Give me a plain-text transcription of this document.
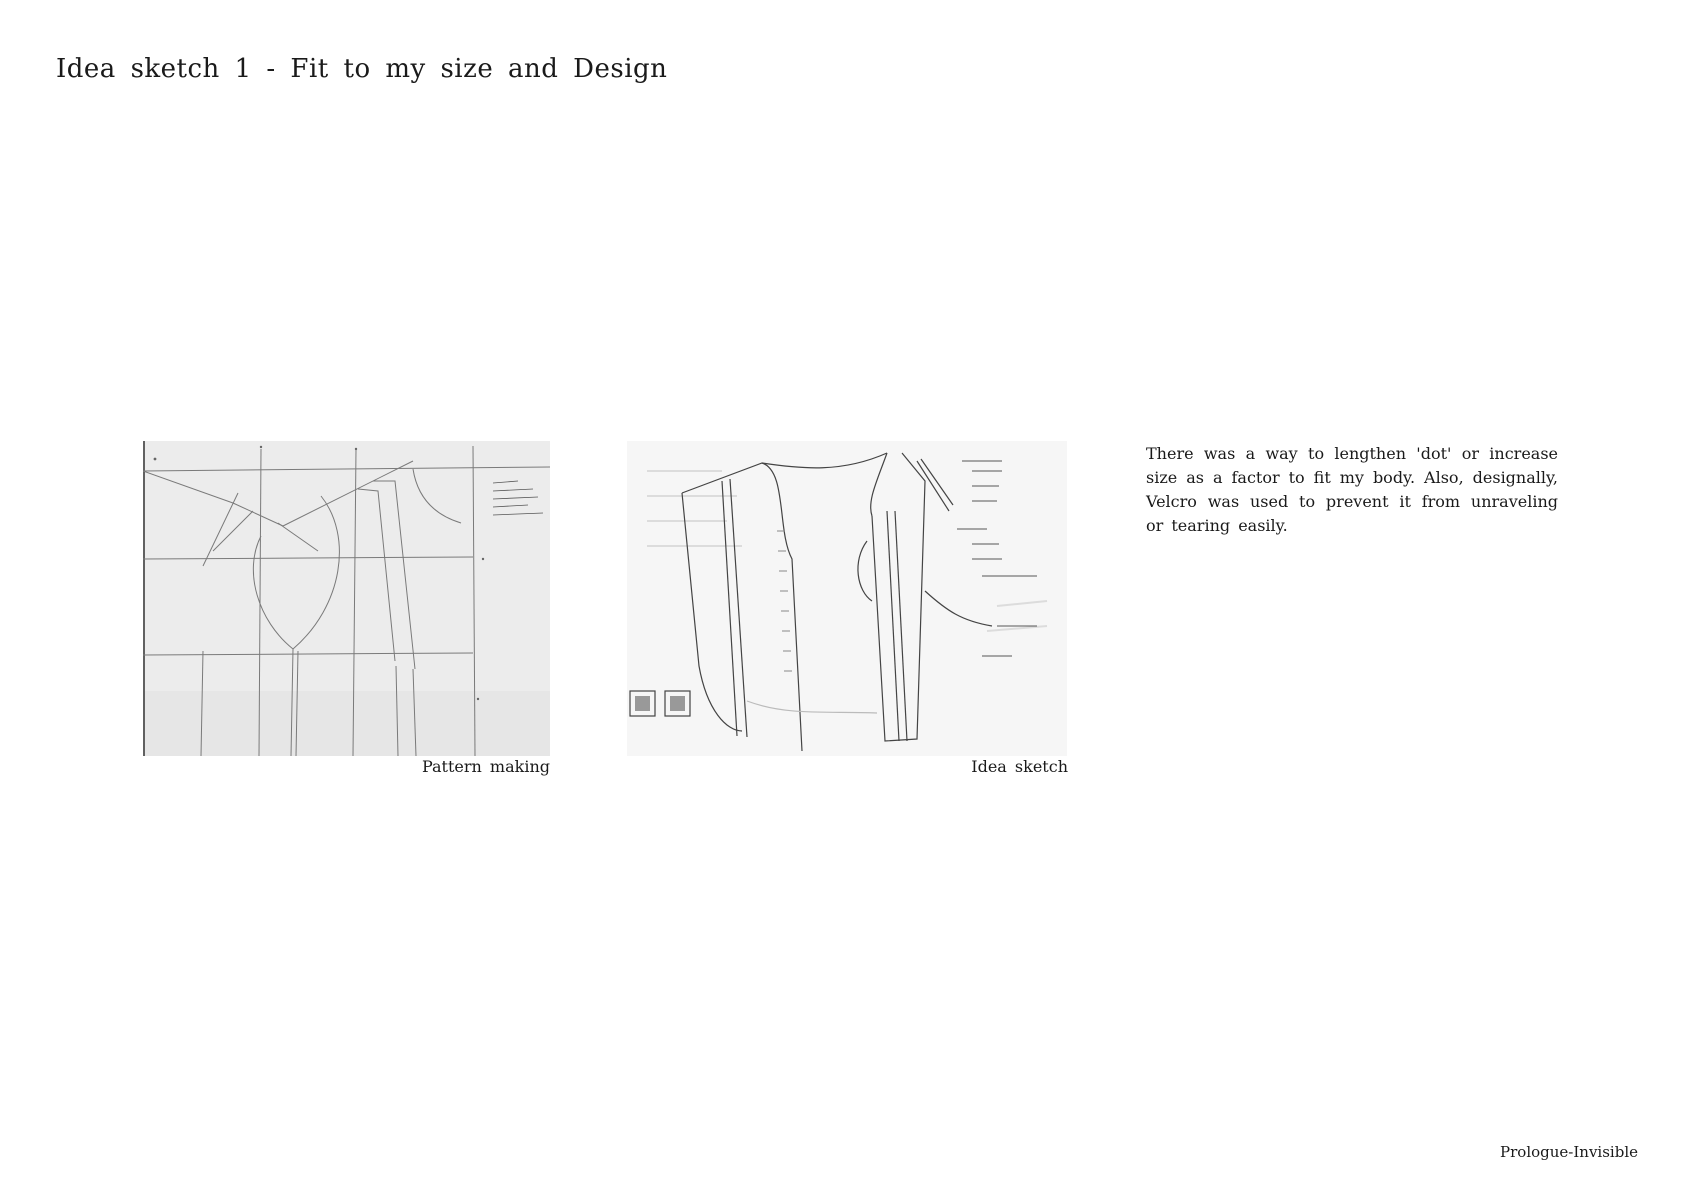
Idea sketch 1 - Fit to my size and Design
Pattern making	Idea sketch
There was a way to lengthen 'dot' or increase size as a factor to fit my body. Also, designally, Velcro was used to prevent it from unraveling or tearing easily.
Prologue-Invisible
